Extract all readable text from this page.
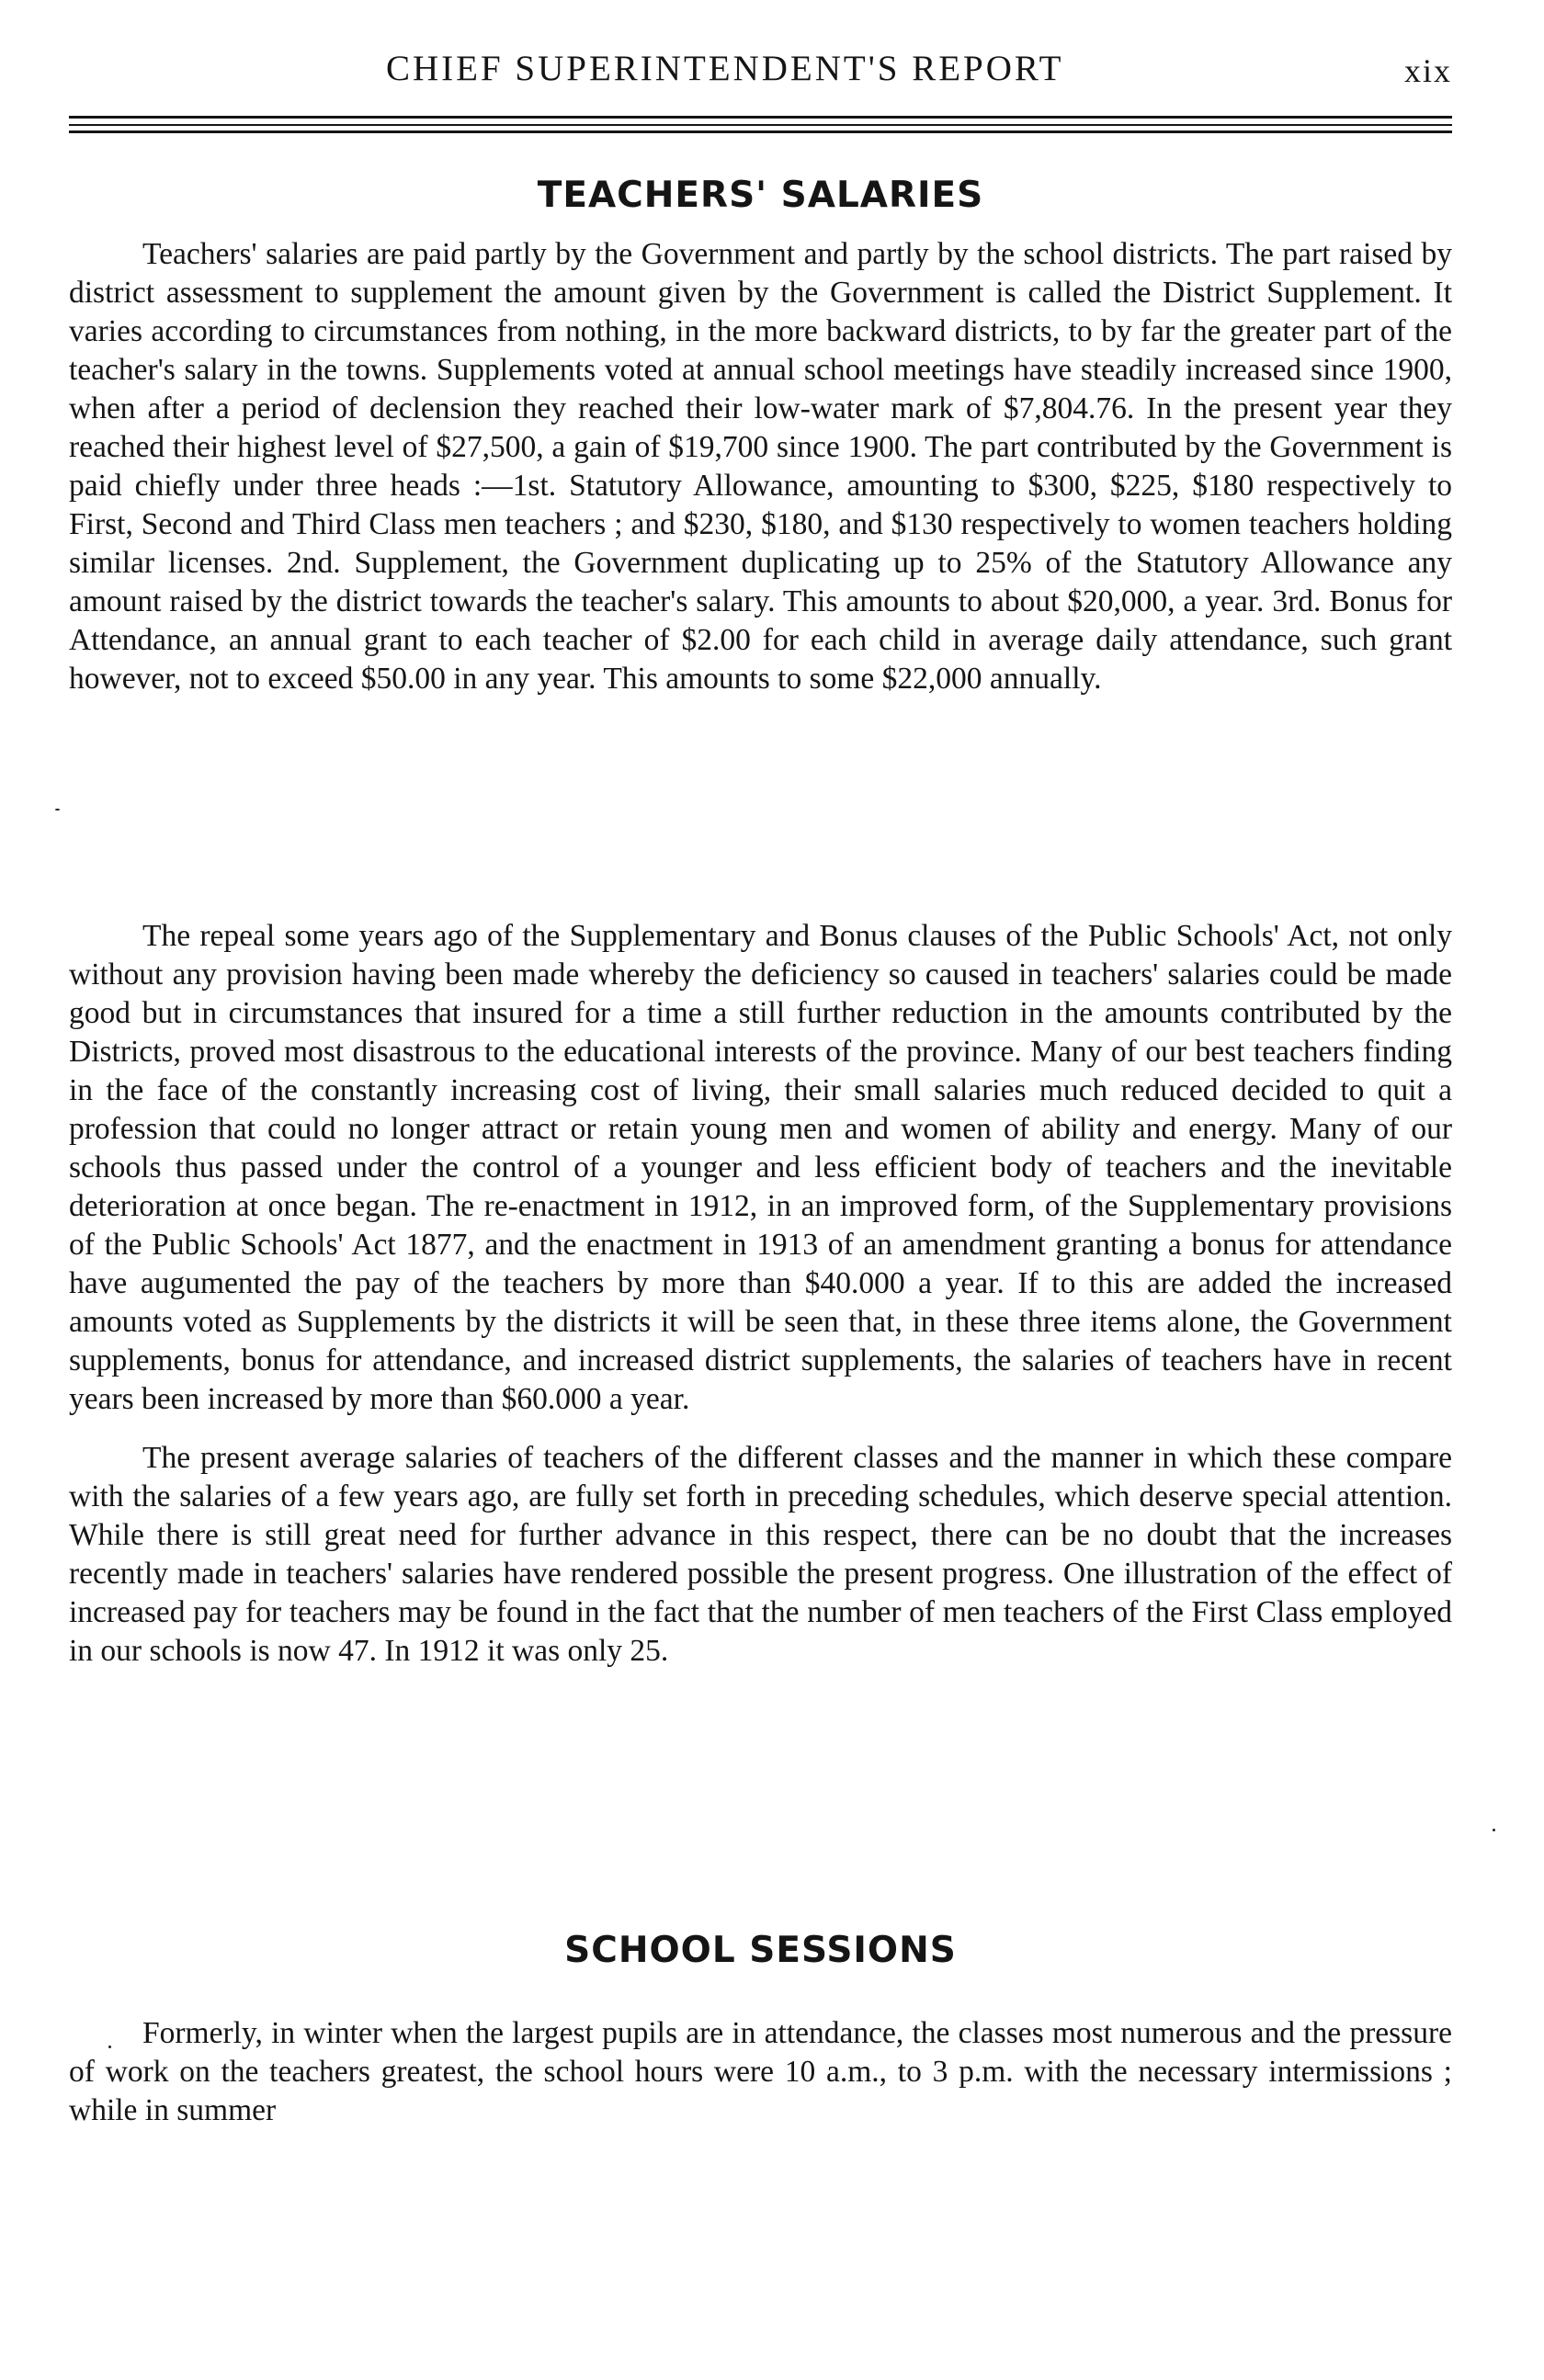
CHIEF SUPERINTENDENT'S REPORT	xix
TEACHERS' SALARIES

Teachers' salaries are paid partly by the Government and partly by the school districts. The part raised by district assessment to supplement the amount given by the Government is called the District Supplement. It varies according to circumstances from nothing, in the more backward districts, to by far the greater part of the teacher's salary in the towns. Supplements voted at annual school meetings have steadily increased since 1900, when after a period of declension they reached their low-water mark of $7,804.76. In the present year they reached their highest level of $27,500, a gain of $19,700 since 1900. The part contributed by the Government is paid chiefly under three heads :—1st. Statutory Allowance, amounting to $300, $225, $180 respectively to First, Second and Third Class men teachers ; and $230, $180, and $130 respectively to women teachers holding similar licenses. 2nd. Supplement, the Government duplicating up to 25% of the Statutory Allowance any amount raised by the district towards the teacher's salary. This amounts to about $20,000, a year. 3rd. Bonus for Attendance, an annual grant to each teacher of $2.00 for each child in average daily attendance, such grant however, not to exceed $50.00 in any year. This amounts to some $22,000 annually.

The repeal some years ago of the Supplementary and Bonus clauses of the Public Schools' Act, not only without any provision having been made whereby the deficiency so caused in teachers' salaries could be made good but in circumstances that insured for a time a still further reduction in the amounts contributed by the Districts, proved most disastrous to the educational interests of the province. Many of our best teachers finding in the face of the constantly increasing cost of living, their small salaries much reduced decided to quit a profession that could no longer attract or retain young men and women of ability and energy. Many of our schools thus passed under the control of a younger and less efficient body of teachers and the inevitable deterioration at once began. The re-enactment in 1912, in an improved form, of the Supplementary provisions of the Public Schools' Act 1877, and the enactment in 1913 of an amendment granting a bonus for attendance have augumented the pay of the teachers by more than $40.000 a year. If to this are added the increased amounts voted as Supplements by the districts it will be seen that, in these three items alone, the Government supplements, bonus for attendance, and increased district supplements, the salaries of teachers have in recent years been increased by more than $60.000 a year.

The present average salaries of teachers of the different classes and the manner in which these compare with the salaries of a few years ago, are fully set forth in preceding schedules, which deserve special attention. While there is still great need for further advance in this respect, there can be no doubt that the increases recently made in teachers' salaries have rendered possible the present progress. One illustration of the effect of increased pay for teachers may be found in the fact that the number of men teachers of the First Class employed in our schools is now 47. In 1912 it was only 25.

SCHOOL SESSIONS

Formerly, in winter when the largest pupils are in attendance, the classes most numerous and the pressure of work on the teachers greatest, the school hours were 10 a.m., to 3 p.m. with the necessary intermissions ; while in summer
